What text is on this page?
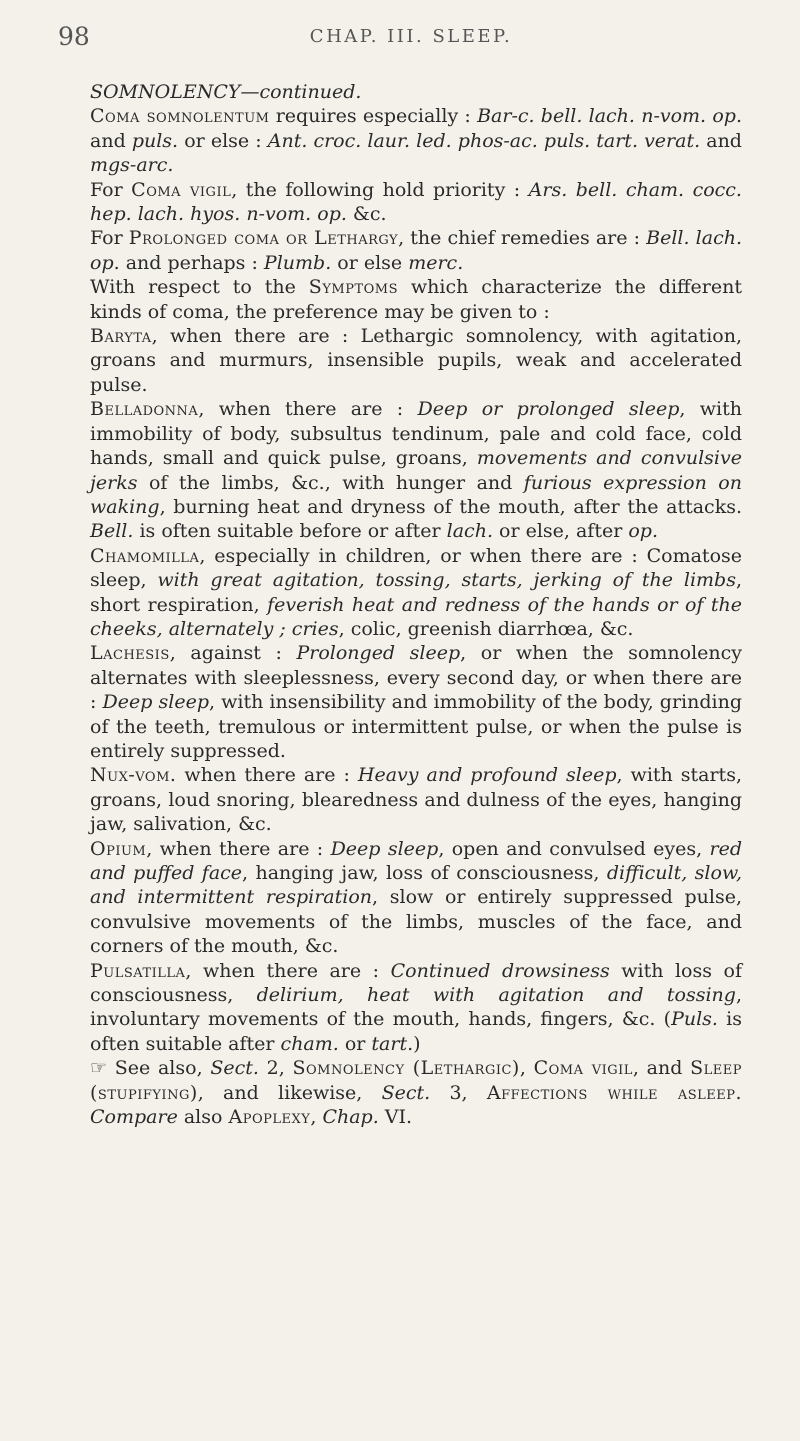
98	CHAP. III. SLEEP.

SOMNOLENCY—continued.

Coma somnolentum requires especially : Bar-c. bell. lach. n-vom. op. and puls. or else : Ant. croc. laur. led. phos-ac. puls. tart. verat. and mgs-arc.

For Coma vigil, the following hold priority : Ars. bell. cham. cocc. hep. lach. hyos. n-vom. op. &c.

For Prolonged coma or Lethargy, the chief remedies are : Bell. lach. op. and perhaps : Plumb. or else merc.

With respect to the Symptoms which characterize the different kinds of coma, the preference may be given to :

Baryta, when there are : Lethargic somnolency, with agitation, groans and murmurs, insensible pupils, weak and accelerated pulse.

Belladonna, when there are : Deep or prolonged sleep, with immobility of body, subsultus tendinum, pale and cold face, cold hands, small and quick pulse, groans, movements and convulsive jerks of the limbs, &c., with hunger and furious expression on waking, burning heat and dryness of the mouth, after the attacks. Bell. is often suitable before or after lach. or else, after op.

Chamomilla, especially in children, or when there are : Comatose sleep, with great agitation, tossing, starts, jerking of the limbs, short respiration, feverish heat and redness of the hands or of the cheeks, alternately ; cries, colic, greenish diarrhœa, &c.

Lachesis, against : Prolonged sleep, or when the somnolency alternates with sleeplessness, every second day, or when there are : Deep sleep, with insensibility and immobility of the body, grinding of the teeth, tremulous or intermittent pulse, or when the pulse is entirely suppressed.

Nux-vom. when there are : Heavy and profound sleep, with starts, groans, loud snoring, blearedness and dulness of the eyes, hanging jaw, salivation, &c.

Opium, when there are : Deep sleep, open and convulsed eyes, red and puffed face, hanging jaw, loss of consciousness, difficult, slow, and intermittent respiration, slow or entirely suppressed pulse, convulsive movements of the limbs, muscles of the face, and corners of the mouth, &c.

Pulsatilla, when there are : Continued drowsiness with loss of consciousness, delirium, heat with agitation and tossing, involuntary movements of the mouth, hands, fingers, &c. (Puls. is often suitable after cham. or tart.)

☞ See also, Sect. 2, Somnolency (Lethargic), Coma vigil, and Sleep (stupifying), and likewise, Sect. 3, Affections while asleep. Compare also Apoplexy, Chap. VI.
